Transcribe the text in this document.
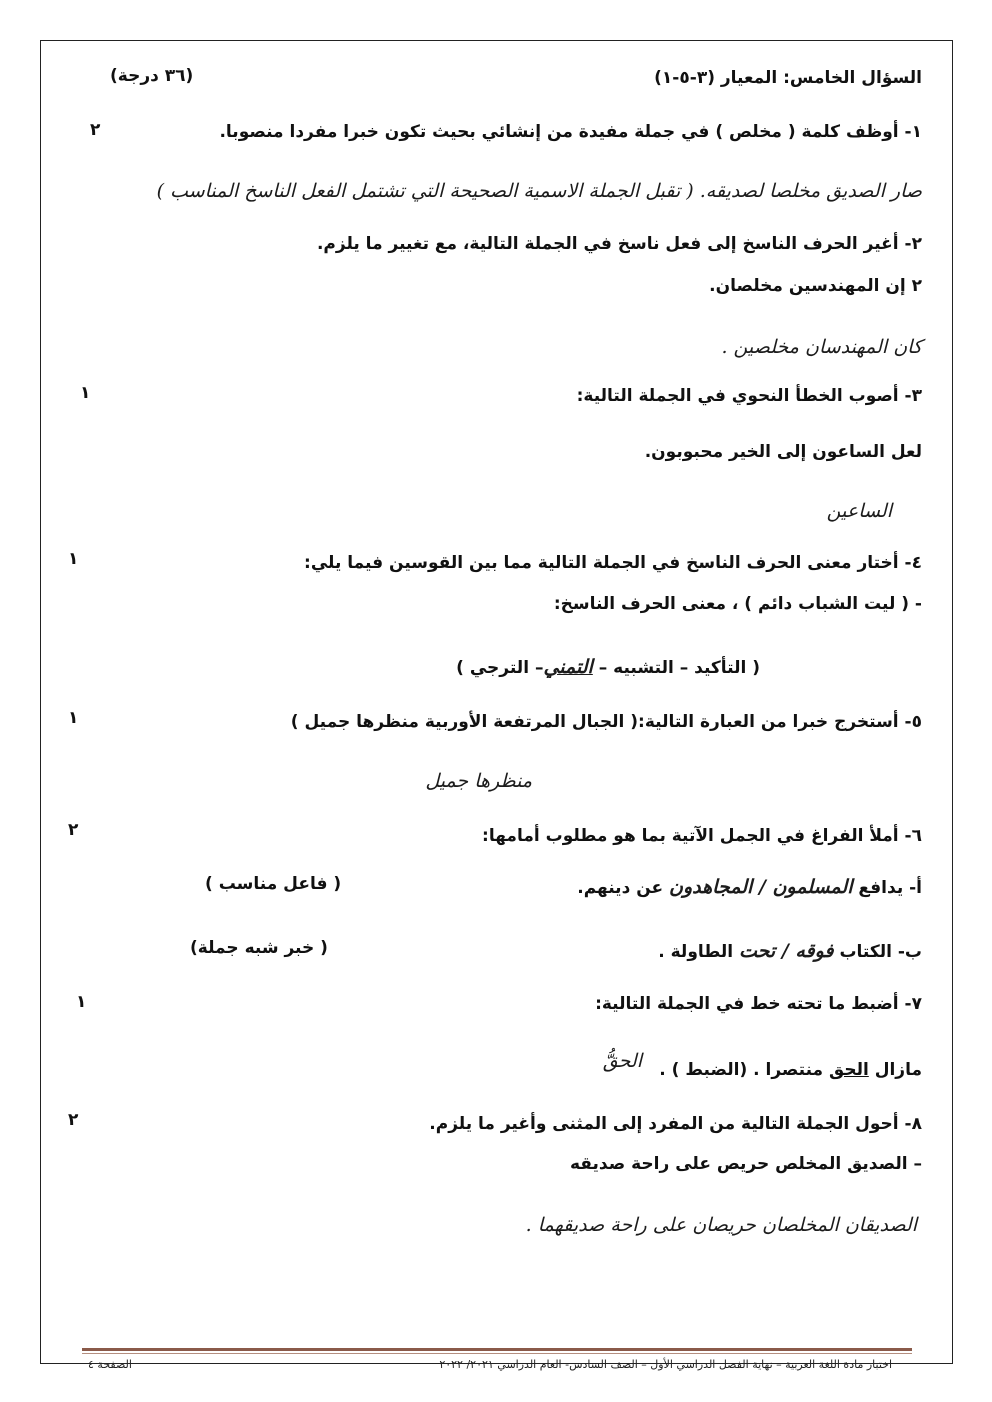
السؤال الخامس: المعيار (٣-٥-١)
(٣٦ درجة)
١- أوظف كلمة ( مخلص ) في جملة مفيدة من إنشائي بحيث تكون خبرا مفردا منصوبا.
٢
صار الصديق مخلصا لصديقه. ( تقبل الجملة الاسمية الصحيحة التي تشتمل الفعل الناسخ المناسب )
٢- أغير الحرف الناسخ إلى فعل ناسخ في الجملة التالية، مع تغيير ما يلزم.
٢ إن المهندسين مخلصان.
كان المهندسان مخلصين .
٣- أصوب الخطأ النحوي في الجملة التالية:
١
لعل الساعون إلى الخير محبوبون.
الساعين
٤- أختار معنى الحرف الناسخ في الجملة التالية مما بين القوسين فيما يلي:
١
- ( ليت الشباب دائم ) ، معنى الحرف الناسخ:
( التأكيد – التشبيه – التمني– الترجي )
٥- أستخرج خبرا من العبارة التالية:( الجبال المرتفعة الأوربية منظرها جميل )
١
منظرها جميل
٦- أملأ الفراغ في الجمل الآتية بما هو مطلوب أمامها:
٢
أ- يدافع المسلمون / المجاهدون عن دينهم.
( فاعل مناسب )
ب- الكتاب فوقه / تحت الطاولة .
( خبر شبه جملة)
٧- أضبط ما تحته خط في الجملة التالية:
١
مازال الحق منتصرا . (الضبط ) .
الحقُّ
٨- أحول الجملة التالية من المفرد إلى المثنى وأغير ما يلزم.
٢
– الصديق المخلص حريص على راحة صديقه
الصديقان المخلصان حريصان على راحة صديقهما .
اختبار مادة اللغة العربية – نهاية الفصل الدراسي الأول – الصف السادس- العام الدراسي ٢٠٢١/ ٢٠٢٢
الصفحة ٤
